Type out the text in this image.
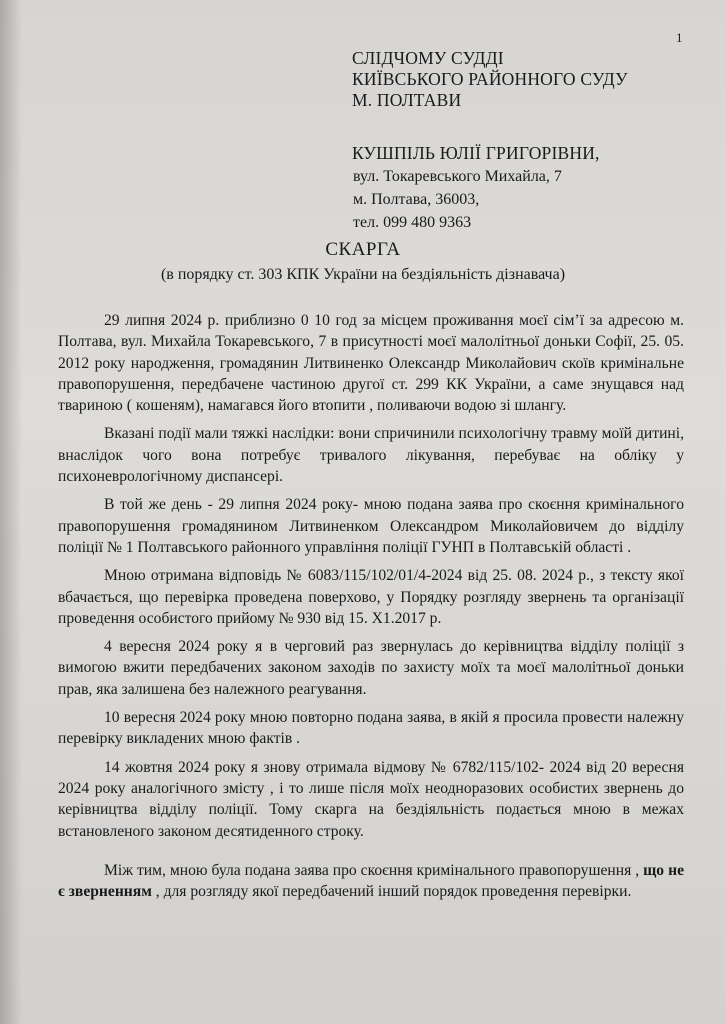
1
СЛІДЧОМУ СУДДІ
КИЇВСЬКОГО РАЙОННОГО СУДУ
М. ПОЛТАВИ
КУШПІЛЬ ЮЛІЇ ГРИГОРІВНИ,
вул. Токаревського Михайла, 7
м. Полтава, 36003,
тел. 099 480 9363
СКАРГА
(в порядку ст. 303 КПК України на бездіяльність дізнавача)

29 липня 2024 р. приблизно 0 10 год за місцем проживання моєї сім’ї за адресою м. Полтава, вул. Михайла Токаревського, 7 в присутності моєї малолітньої доньки Софії, 25. 05. 2012 року народження, громадянин Литвиненко Олександр Миколайович скоїв кримінальне правопорушення, передбачене частиною другої ст. 299 КК України, а саме знущався над твариною ( кошеням), намагався його втопити , поливаючи водою зі шлангу.

Вказані події мали тяжкі наслідки: вони спричинили психологічну травму моїй дитині, внаслідок чого вона потребує тривалого лікування, перебуває на обліку у психоневрологічному диспансері.

В той же день - 29 липня 2024 року- мною подана заява про скоєння кримінального правопорушення громадянином Литвиненком Олександром Миколайовичем до відділу поліції № 1 Полтавського районного управління поліції ГУНП в Полтавській області .

Мною отримана відповідь № 6083/115/102/01/4-2024 від 25. 08. 2024 р., з тексту якої вбачається, що перевірка проведена поверхово, у Порядку розгляду звернень та організації проведення особистого прийому № 930 від 15. Х1.2017 р.

4 вересня 2024 року я в черговий раз звернулась до керівництва відділу поліції з вимогою вжити передбачених законом заходів по захисту моїх та моєї малолітньої доньки прав, яка залишена без належного реагування.

10 вересня 2024 року мною повторно подана заява, в якій я просила провести належну перевірку викладених мною фактів .

14 жовтня 2024 року я знову отримала відмову № 6782/115/102- 2024 від 20 вересня 2024 року аналогічного змісту , і то лише після моїх неодноразових особистих звернень до керівництва відділу поліції. Тому скарга на бездіяльність подається мною в межах встановленого законом десятиденного строку.

Між тим, мною була подана заява про скоєння кримінального правопорушення , що не є зверненням , для розгляду якої передбачений інший порядок проведення перевірки.
